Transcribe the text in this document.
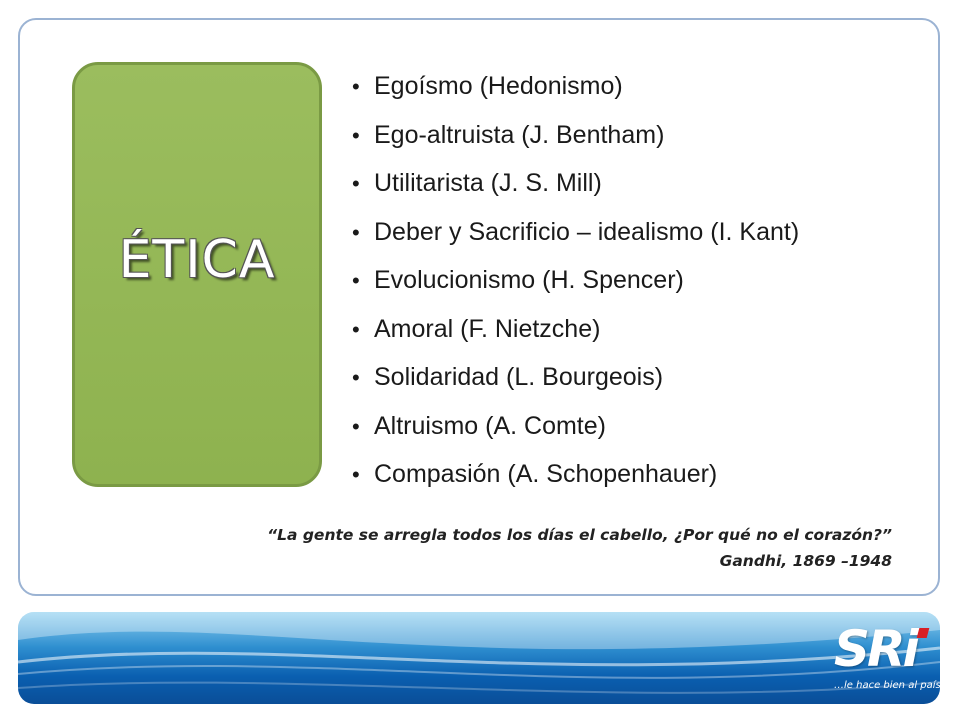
ÉTICA
• Egoísmo (Hedonismo)
• Ego-altruista (J. Bentham)
• Utilitarista (J. S. Mill)
• Deber y Sacrificio – idealismo (I. Kant)
• Evolucionismo (H. Spencer)
• Amoral (F. Nietzche)
• Solidaridad (L. Bourgeois)
• Altruismo (A. Comte)
• Compasión (A. Schopenhauer)
“La gente se arregla todos los días el cabello, ¿Por qué no el corazón?”
Gandhi, 1869 –1948
SRi
…le hace bien al país!
